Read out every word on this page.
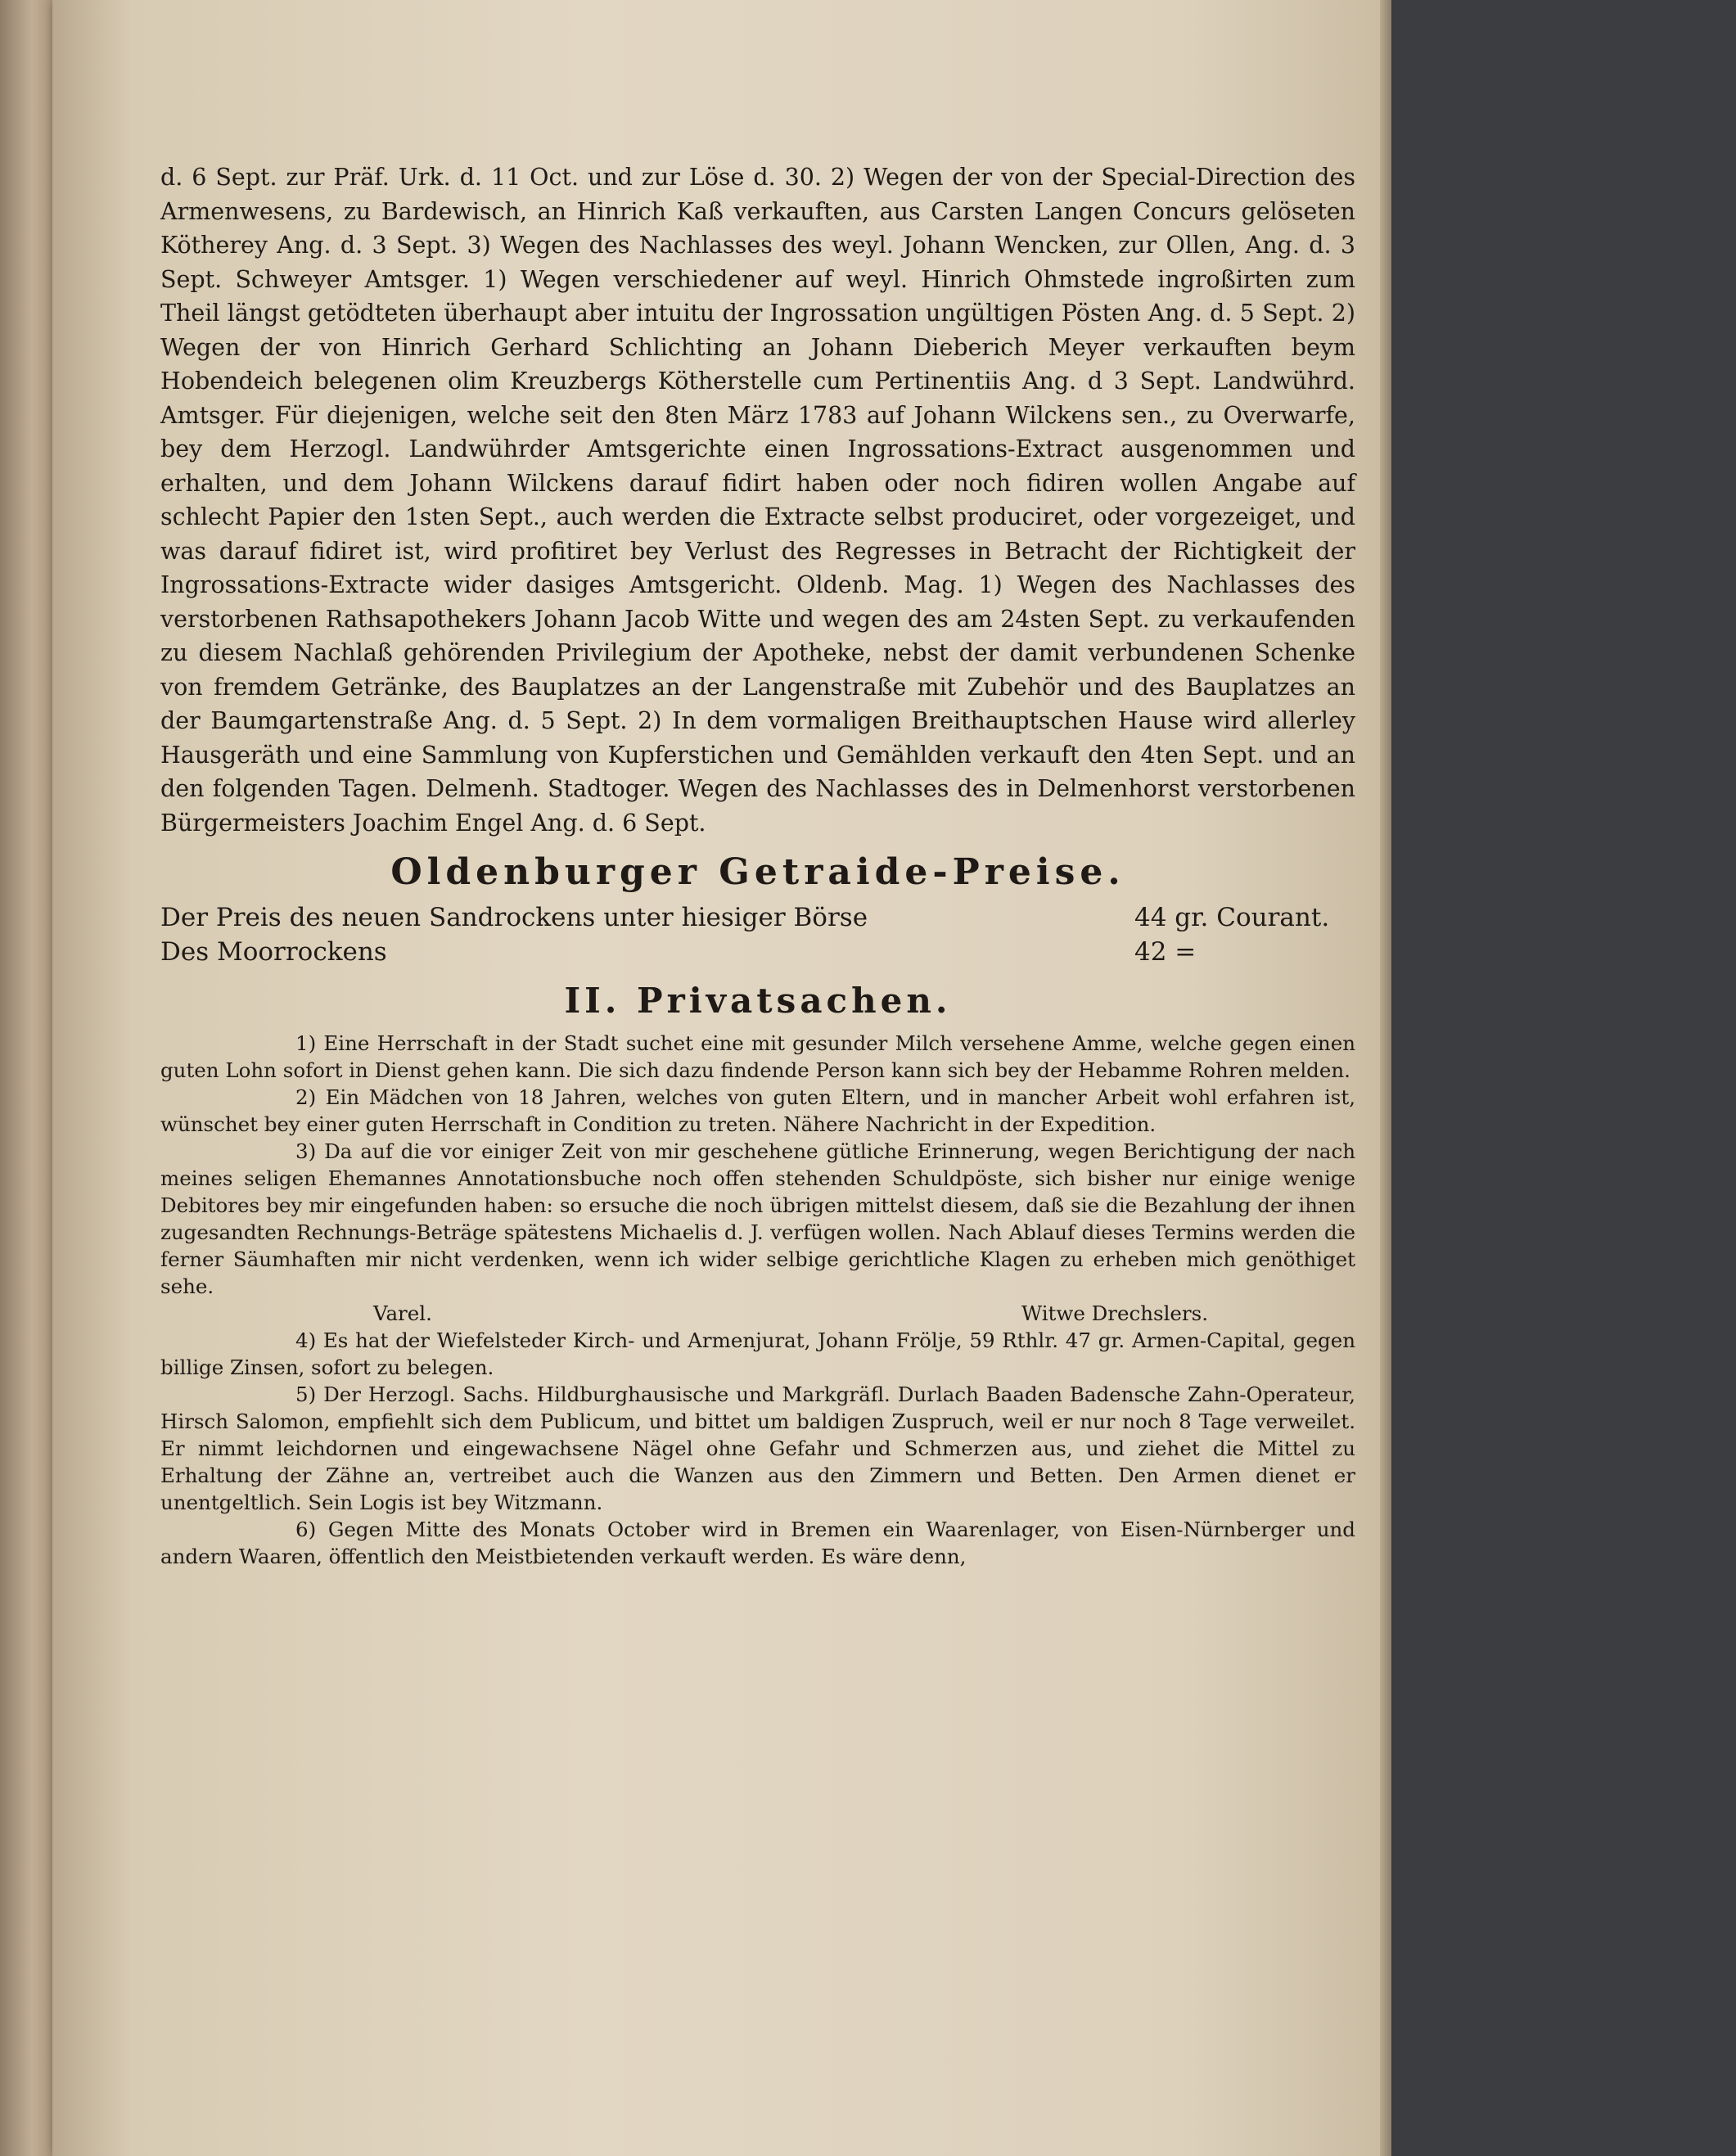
d. 6 Sept. zur Präf. Urk. d. 11 Oct. und zur Löse d. 30. 2) Wegen der von der Special-Direction des Armenwesens, zu Bardewisch, an Hinrich Kaß verkauften, aus Carsten Langen Concurs gelöseten Kötherey Ang. d. 3 Sept. 3) Wegen des Nachlasses des weyl. Johann Wencken, zur Ollen, Ang. d. 3 Sept. Schweyer Amtsger. 1) Wegen verschiedener auf weyl. Hinrich Ohmstede ingroßirten zum Theil längst getödteten überhaupt aber intuitu der Ingrossation ungültigen Pösten Ang. d. 5 Sept. 2) Wegen der von Hinrich Gerhard Schlichting an Johann Dieberich Meyer verkauften beym Hobendeich belegenen olim Kreuzbergs Kötherstelle cum Pertinentiis Ang. d 3 Sept. Landwührd. Amtsger. Für diejenigen, welche seit den 8ten März 1783 auf Johann Wilckens sen., zu Overwarfe, bey dem Herzogl. Landwührder Amtsgerichte einen Ingrossations-Extract ausgenommen und erhalten, und dem Johann Wilckens darauf fidirt haben oder noch fidiren wollen Angabe auf schlecht Papier den 1sten Sept., auch werden die Extracte selbst produciret, oder vorgezeiget, und was darauf fidiret ist, wird profitiret bey Verlust des Regresses in Betracht der Richtigkeit der Ingrossations-Extracte wider dasiges Amtsgericht. Oldenb. Mag. 1) Wegen des Nachlasses des verstorbenen Rathsapothekers Johann Jacob Witte und wegen des am 24sten Sept. zu verkaufenden zu diesem Nachlaß gehörenden Privilegium der Apotheke, nebst der damit verbundenen Schenke von fremdem Getränke, des Bauplatzes an der Langenstraße mit Zubehör und des Bauplatzes an der Baumgartenstraße Ang. d. 5 Sept. 2) In dem vormaligen Breithauptschen Hause wird allerley Hausgeräth und eine Sammlung von Kupferstichen und Gemählden verkauft den 4ten Sept. und an den folgenden Tagen. Delmenh. Stadtoger. Wegen des Nachlasses des in Delmenhorst verstorbenen Bürgermeisters Joachim Engel Ang. d. 6 Sept.

Oldenburger Getraide-Preise.
Der Preis des neuen Sandrockens unter hiesiger Börse	44 gr. Courant.
Des Moorrockens	42 =
II. Privatsachen.

1) Eine Herrschaft in der Stadt suchet eine mit gesunder Milch versehene Amme, welche gegen einen guten Lohn sofort in Dienst gehen kann. Die sich dazu findende Person kann sich bey der Hebamme Rohren melden.

2) Ein Mädchen von 18 Jahren, welches von guten Eltern, und in mancher Arbeit wohl erfahren ist, wünschet bey einer guten Herrschaft in Condition zu treten. Nähere Nachricht in der Expedition.

3) Da auf die vor einiger Zeit von mir geschehene gütliche Erinnerung, wegen Berichtigung der nach meines seligen Ehemannes Annotationsbuche noch offen stehenden Schuldpöste, sich bisher nur einige wenige Debitores bey mir eingefunden haben: so ersuche die noch übrigen mittelst diesem, daß sie die Bezahlung der ihnen zugesandten Rechnungs-Beträge spätestens Michaelis d. J. verfügen wollen. Nach Ablauf dieses Termins werden die ferner Säumhaften mir nicht verdenken, wenn ich wider selbige gerichtliche Klagen zu erheben mich genöthiget sehe.

Varel.	Witwe Drechslers.

4) Es hat der Wiefelsteder Kirch- und Armenjurat, Johann Frölje, 59 Rthlr. 47 gr. Armen-Capital, gegen billige Zinsen, sofort zu belegen.

5) Der Herzogl. Sachs. Hildburghausische und Markgräfl. Durlach Baaden Badensche Zahn-Operateur, Hirsch Salomon, empfiehlt sich dem Publicum, und bittet um baldigen Zuspruch, weil er nur noch 8 Tage verweilet. Er nimmt leichdornen und eingewachsene Nägel ohne Gefahr und Schmerzen aus, und ziehet die Mittel zu Erhaltung der Zähne an, vertreibet auch die Wanzen aus den Zimmern und Betten. Den Armen dienet er unentgeltlich. Sein Logis ist bey Witzmann.

6) Gegen Mitte des Monats October wird in Bremen ein Waarenlager, von Eisen-Nürnberger und andern Waaren, öffentlich den Meistbietenden verkauft werden. Es wäre denn,
